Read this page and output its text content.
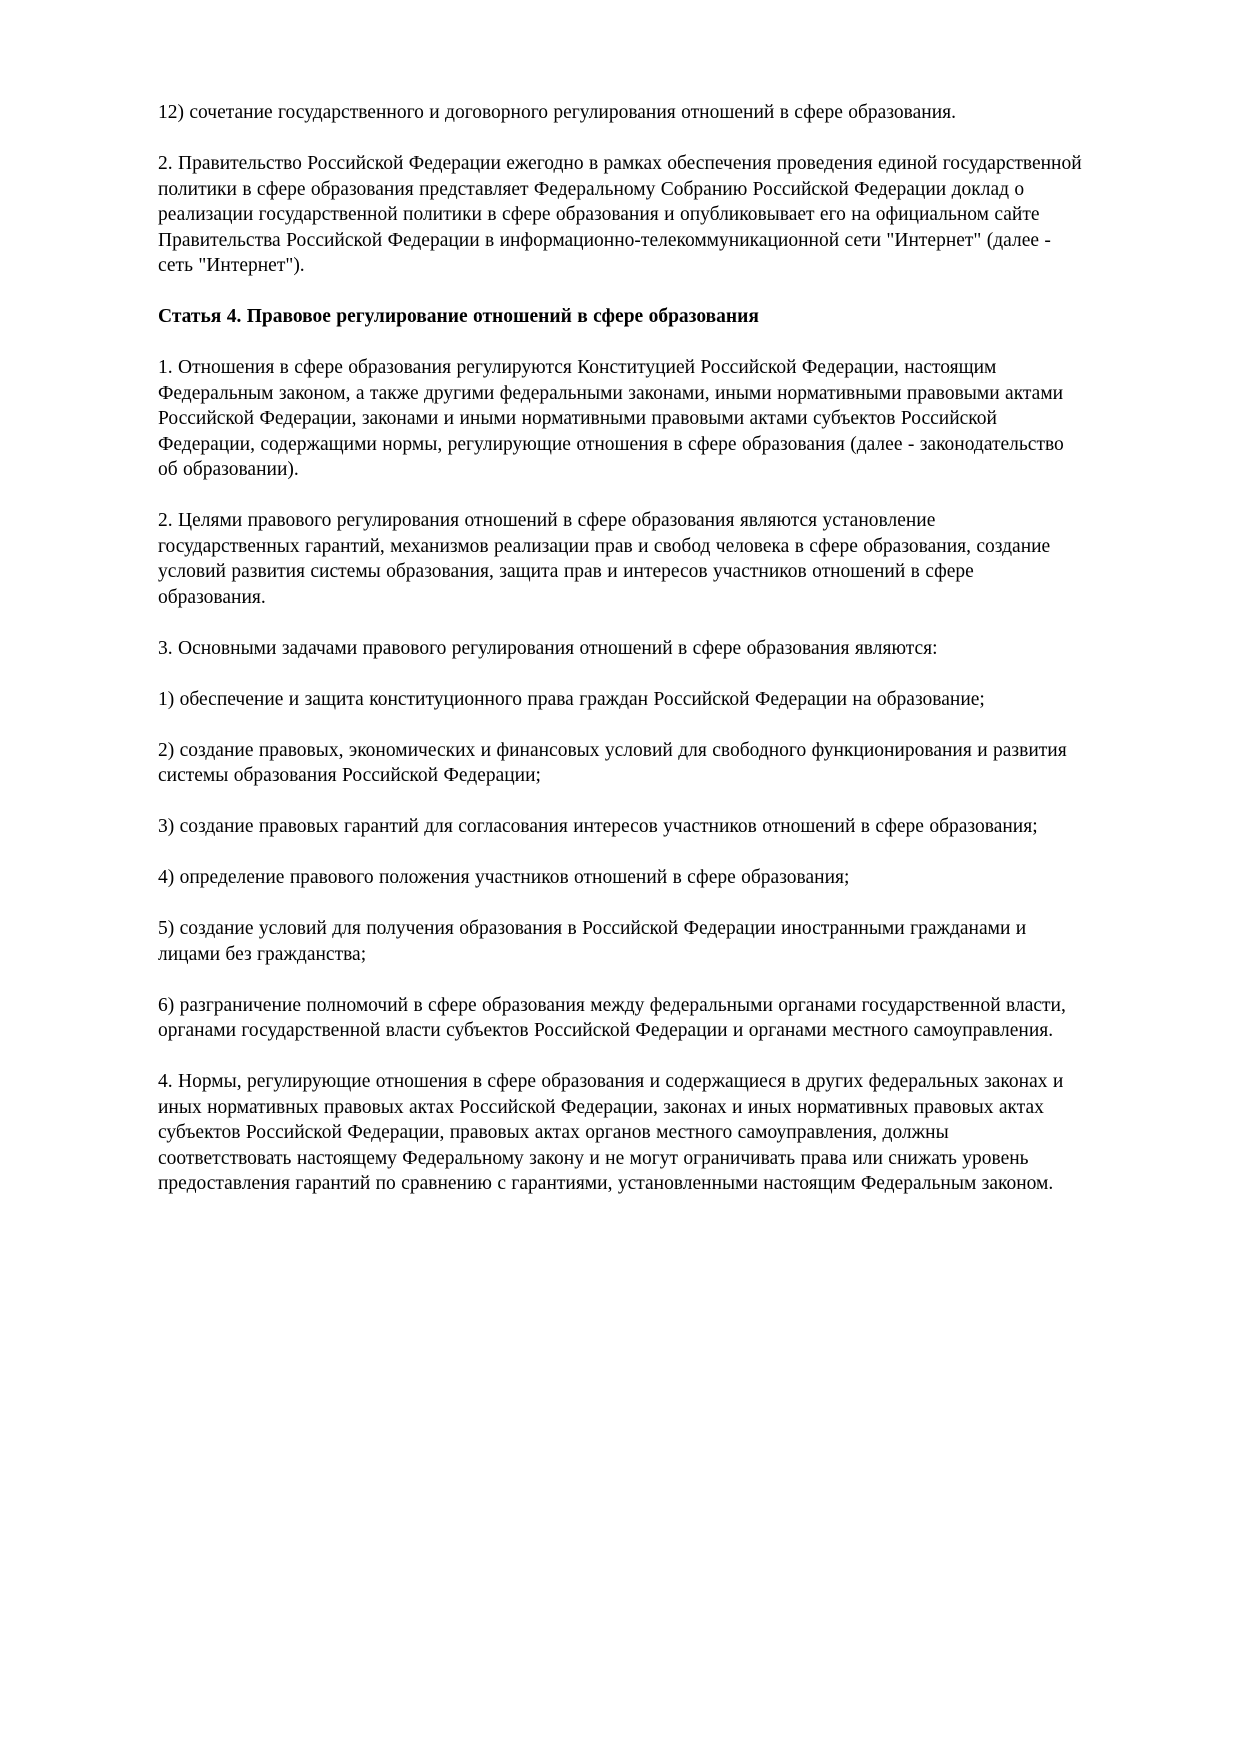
12) сочетание государственного и договорного регулирования отношений в сфере образования.

2. Правительство Российской Федерации ежегодно в рамках обеспечения проведения единой государственной политики в сфере образования представляет Федеральному Собранию Российской Федерации доклад о реализации государственной политики в сфере образования и опубликовывает его на официальном сайте Правительства Российской Федерации в информационно-телекоммуникационной сети "Интернет" (далее - сеть "Интернет").

Статья 4. Правовое регулирование отношений в сфере образования

1. Отношения в сфере образования регулируются Конституцией Российской Федерации, настоящим Федеральным законом, а также другими федеральными законами, иными нормативными правовыми актами Российской Федерации, законами и иными нормативными правовыми актами субъектов Российской Федерации, содержащими нормы, регулирующие отношения в сфере образования (далее - законодательство об образовании).

2. Целями правового регулирования отношений в сфере образования являются установление государственных гарантий, механизмов реализации прав и свобод человека в сфере образования, создание условий развития системы образования, защита прав и интересов участников отношений в сфере образования.

3. Основными задачами правового регулирования отношений в сфере образования являются:

1) обеспечение и защита конституционного права граждан Российской Федерации на образование;

2) создание правовых, экономических и финансовых условий для свободного функционирования и развития системы образования Российской Федерации;

3) создание правовых гарантий для согласования интересов участников отношений в сфере образования;

4) определение правового положения участников отношений в сфере образования;

5) создание условий для получения образования в Российской Федерации иностранными гражданами и лицами без гражданства;

6) разграничение полномочий в сфере образования между федеральными органами государственной власти, органами государственной власти субъектов Российской Федерации и органами местного самоуправления.

4. Нормы, регулирующие отношения в сфере образования и содержащиеся в других федеральных законах и иных нормативных правовых актах Российской Федерации, законах и иных нормативных правовых актах субъектов Российской Федерации, правовых актах органов местного самоуправления, должны соответствовать настоящему Федеральному закону и не могут ограничивать права или снижать уровень предоставления гарантий по сравнению с гарантиями, установленными настоящим Федеральным законом.
